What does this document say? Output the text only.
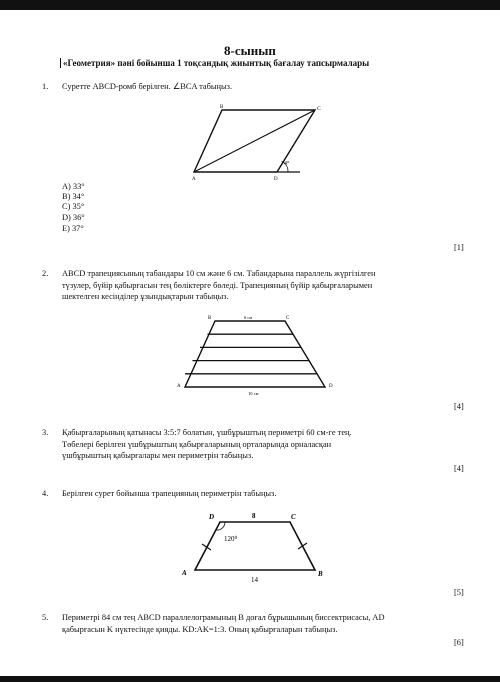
8-сынып
«Геометрия» пәні бойынша 1 тоқсандық жиынтық бағалау тапсырмалары
1. Суретте ABCD-ромб берілген. ∠BCA табыңыз.
74°
B	C
A	D
A) 33°
B) 34°
C) 35°
D) 36°
E) 37°
[1]
2. ABCD трапециясының табандары 10 см және 6 см. Табандарына параллель жүргізілген
түзулер, бүйір қабырғасын тең бөліктерге бөледі. Трапецияның бүйір қабырғаларымен
шектелген кесінділер ұзындықтарын табыңыз.
B	C
A	D
6 см
10 см
[4]
3. Қабырғаларының қатынасы 3:5:7 болатын, үшбұрыштың периметрі 60 см-ге тең.
Төбелері берілген үшбұрыштың қабырғаларының орталарында орналасқан
үшбұрыштың қабырғалары мен периметрін табыңыз.
[4]
4. Берілген сурет бойынша трапецияның периметрін табыңыз.
120⁰
D	C
A	B
8
14
[5]
5. Периметрі 84 см тең ABCD параллелограмының B доғал бұрышының биссектрисасы, AD
қабырғасын K нүктесінде қияды. KD:AK=1:3. Оның қабырғаларын табыңыз.
[6]
